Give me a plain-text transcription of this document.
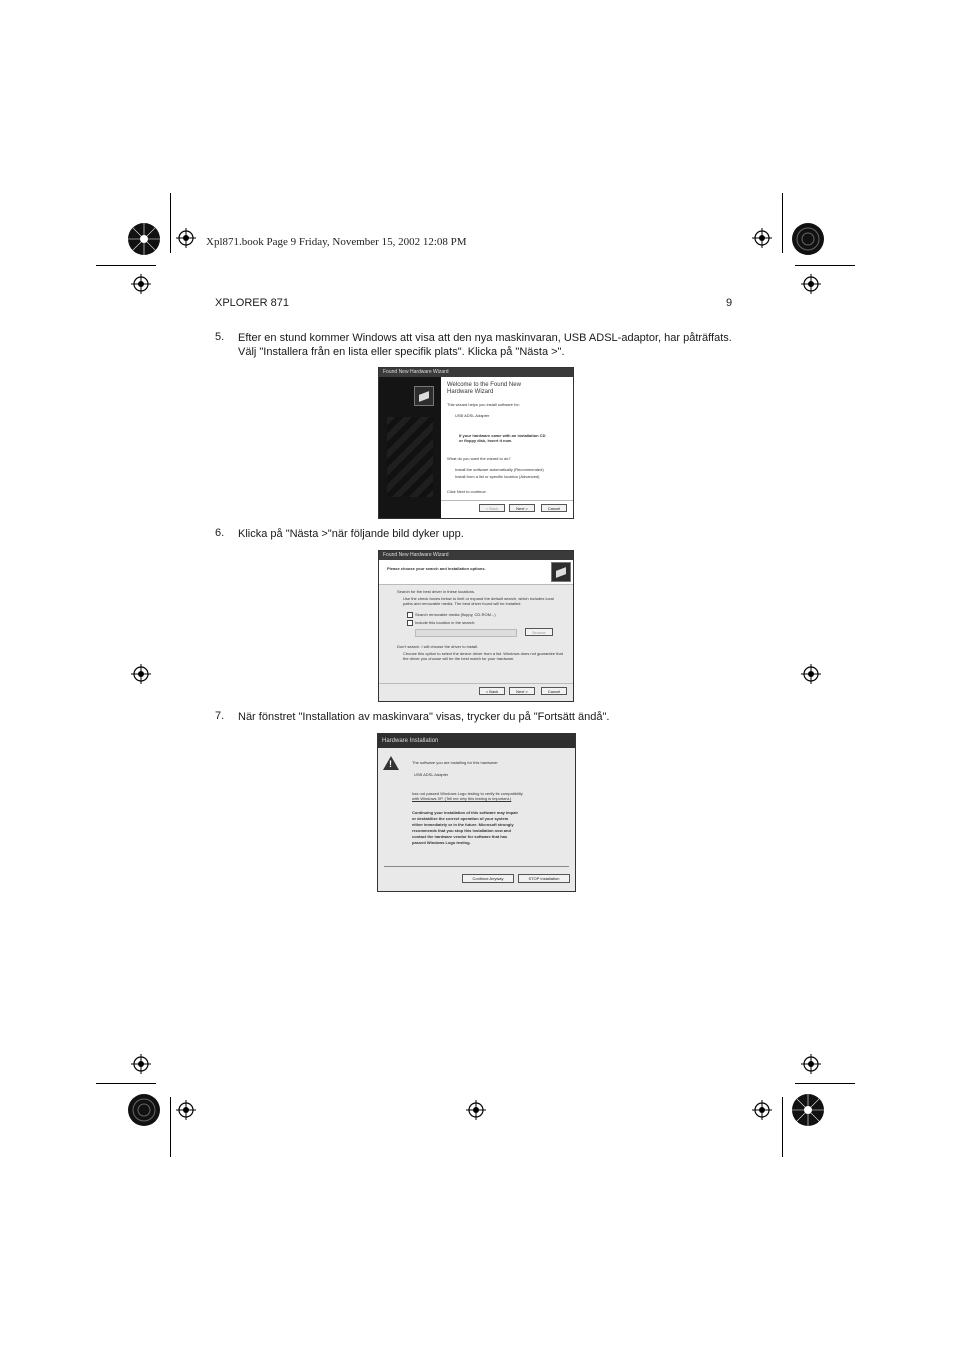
Xpl871.book Page 9 Friday, November 15, 2002 12:08 PM
XPLORER 871	9
5. Efter en stund kommer Windows att visa att den nya maskinvaran, USB ADSL-adaptor, har påträffats.
Välj "Installera från en lista eller specifik plats". Klicka på "Nästa >".
Found New Hardware Wizard
Welcome to the Found New
Hardware Wizard
This wizard helps you install software for:
USB ADSL Adapter
If your hardware came with an installation CD
or floppy disk, insert it now.
What do you want the wizard to do?
Install the software automatically (Recommended)
Install from a list or specific location (Advanced)
Click Next to continue.
< Back	Next >	Cancel
6. Klicka på "Nästa >"när följande bild dyker upp.
Found New Hardware Wizard
Please choose your search and installation options.
Search for the best driver in these locations.
Use the check boxes below to limit or expand the default search, which includes local paths and removable media. The best driver found will be installed.
Search removable media (floppy, CD-ROM...)
Include this location in the search:
Browse
Don't search. I will choose the driver to install.
Choose this option to select the device driver from a list. Windows does not guarantee that the driver you choose will be the best match for your hardware.
< Back	Next >	Cancel
7. När fönstret "Installation av maskinvara" visas, trycker du på "Fortsätt ändå".
Hardware Installation
!
The software you are installing for this hardware:
USB ADSL Adapter
has not passed Windows Logo testing to verify its compatibility
with Windows XP. (Tell me why this testing is important.)
Continuing your installation of this software may impair
or destabilize the correct operation of your system
either immediately or in the future. Microsoft strongly
recommends that you stop this installation now and
contact the hardware vendor for software that has
passed Windows Logo testing.
Continue Anyway	STOP Installation
